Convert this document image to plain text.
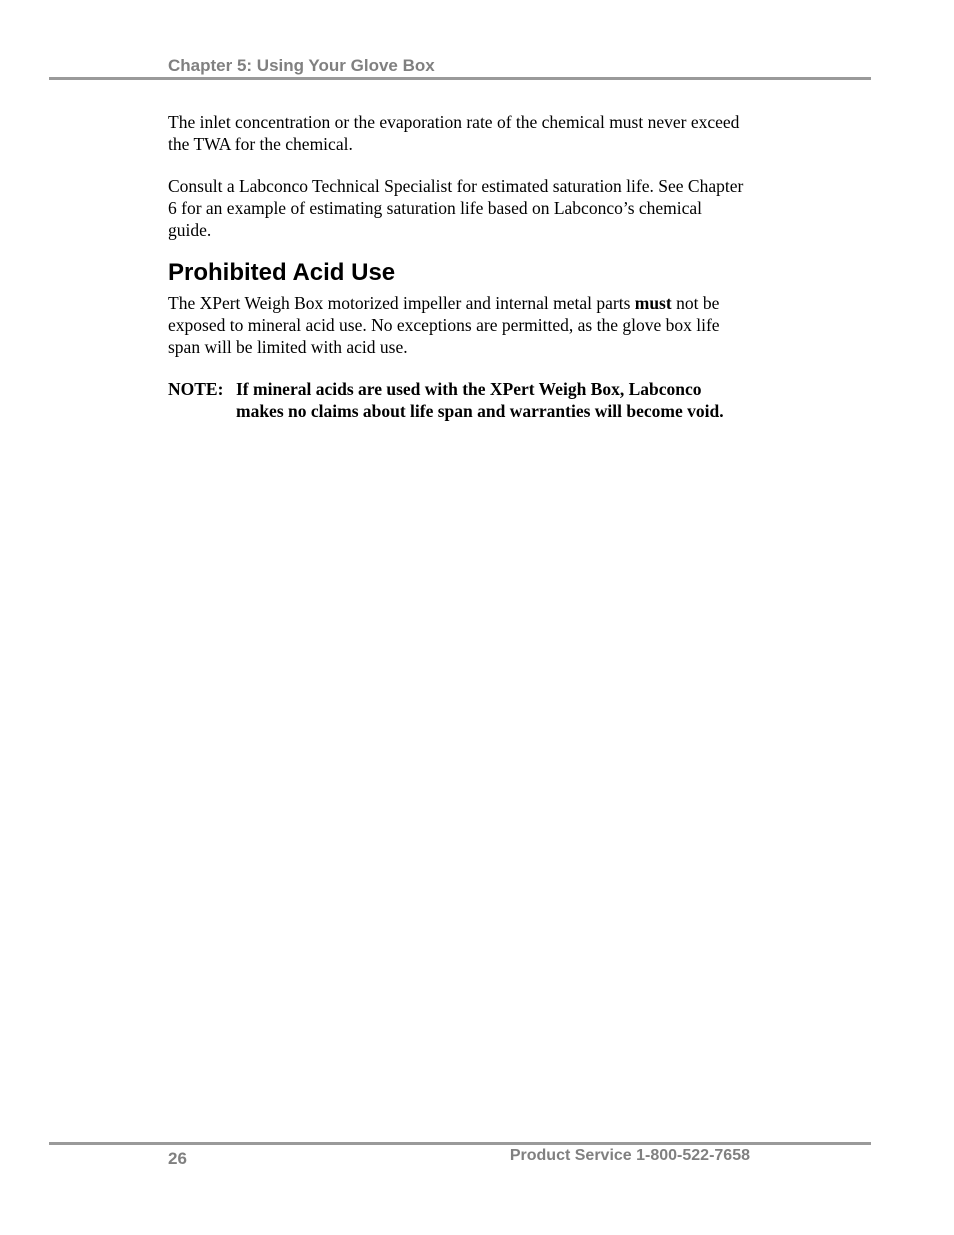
Chapter 5: Using Your Glove Box

The inlet concentration or the evaporation rate of the chemical must never exceed the TWA for the chemical.

Consult a Labconco Technical Specialist for estimated saturation life. See Chapter 6 for an example of estimating saturation life based on Labconco’s chemical guide.

Prohibited Acid Use

The XPert Weigh Box motorized impeller and internal metal parts must not be exposed to mineral acid use. No exceptions are permitted, as the glove box life span will be limited with acid use.

NOTE: If mineral acids are used with the XPert Weigh Box, Labconco makes no claims about life span and warranties will become void.
26	Product Service 1-800-522-7658
